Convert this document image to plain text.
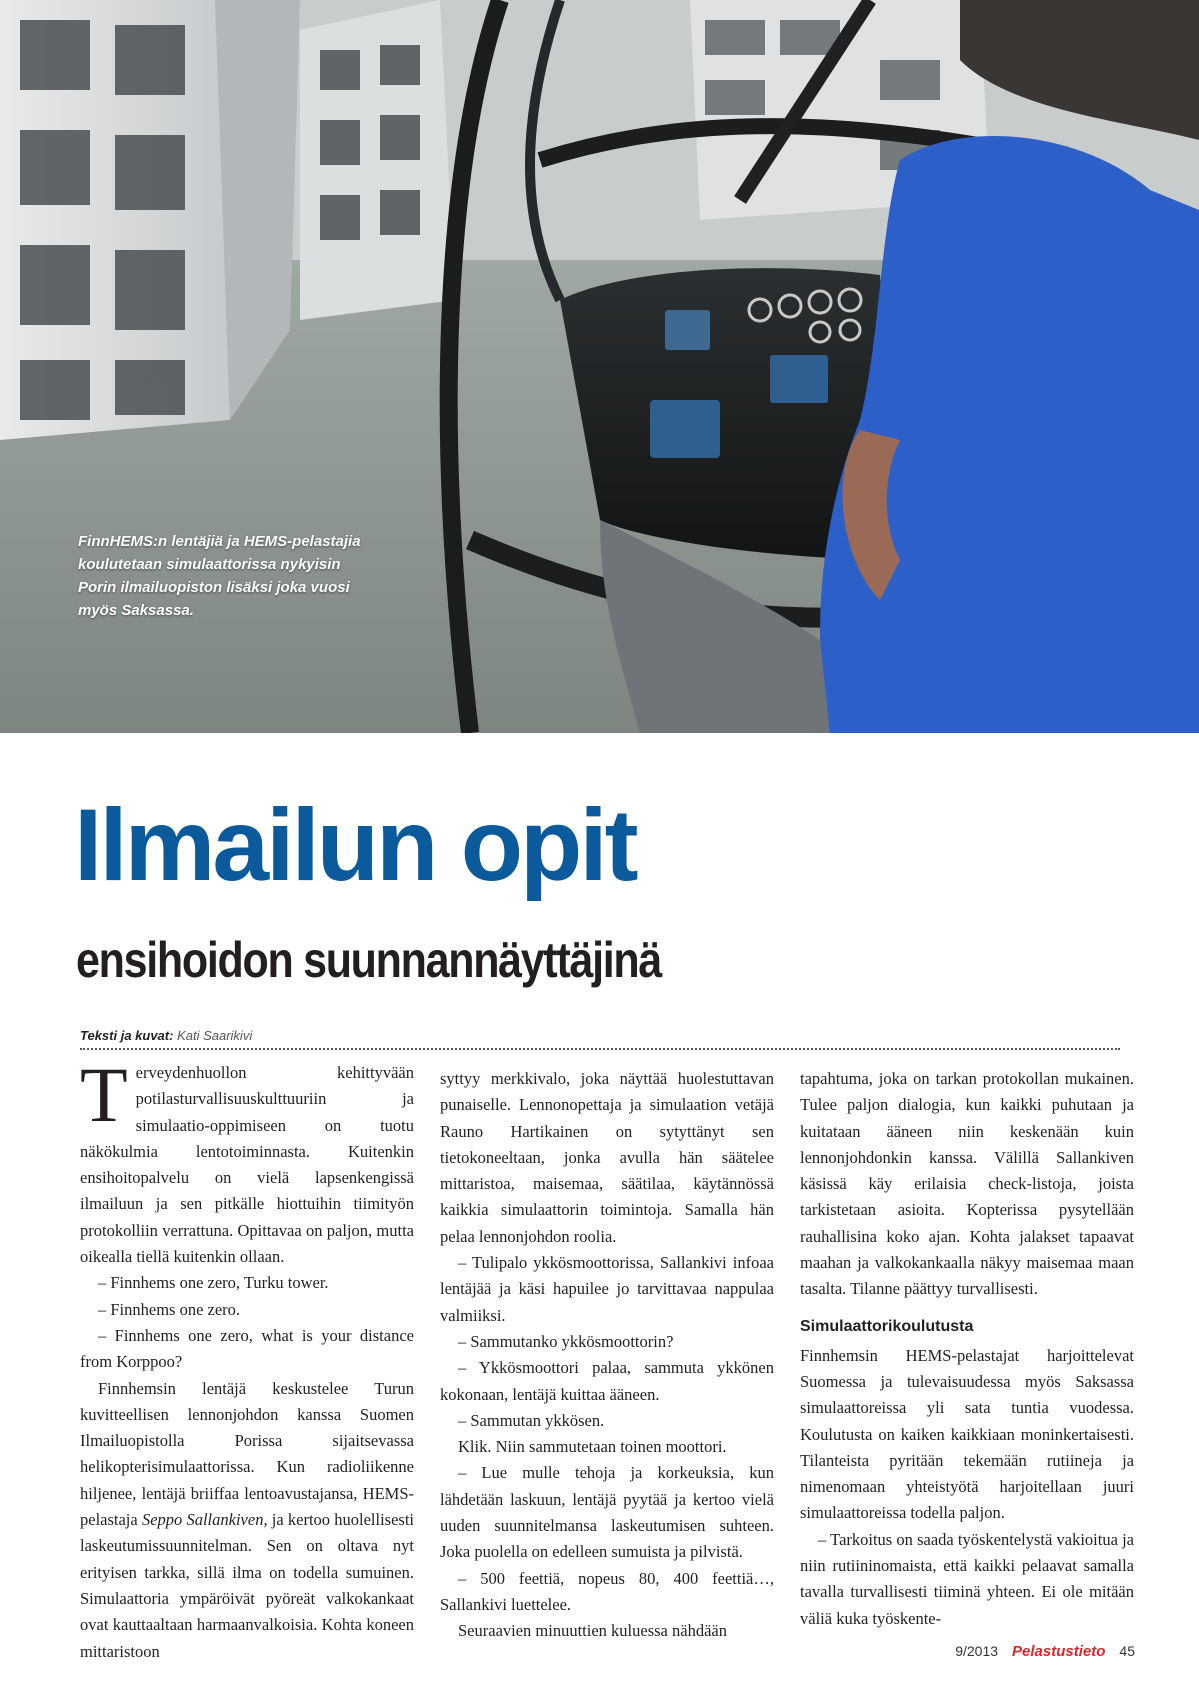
FinnHEMS:n lentäjiä ja HEMS-pelastajia koulutetaan simulaattorissa nykyisin Porin ilmailuopiston lisäksi joka vuosi myös Saksassa.
Ilmailun opit
ensihoidon suunnannäyttäjinä
Teksti ja kuvat: Kati Saarikivi

Terveydenhuollon kehittyvään potilasturvallisuuskulttuuriin ja simulaatio-oppimiseen on tuotu näkökulmia lentotoiminnasta. Kuitenkin ensihoitopalvelu on vielä lapsenkengissä ilmailuun ja sen pitkälle hiottuihin tiimityön protokolliin verrattuna. Opittavaa on paljon, mutta oikealla tiellä kuitenkin ollaan.

– Finnhems one zero, Turku tower.

– Finnhems one zero.

– Finnhems one zero, what is your distance from Korppoo?

Finnhemsin lentäjä keskustelee Turun kuvitteellisen lennonjohdon kanssa Suomen Ilmailuopistolla Porissa sijaitsevassa helikopterisimulaattorissa. Kun radioliikenne hiljenee, lentäjä briiffaa lentoavustajansa, HEMS-pelastaja Seppo Sallankiven, ja kertoo huolellisesti laskeutumissuunnitelman. Sen on oltava nyt erityisen tarkka, sillä ilma on todella sumuinen. Simulaattoria ympäröivät pyöreät valkokankaat ovat kauttaaltaan harmaanvalkoisia. Kohta koneen mittaristoon

syttyy merkkivalo, joka näyttää huolestuttavan punaiselle. Lennonopettaja ja simulaation vetäjä Rauno Hartikainen on sytyttänyt sen tietokoneeltaan, jonka avulla hän säätelee mittaristoa, maisemaa, säätilaa, käytännössä kaikkia simulaattorin toimintoja. Samalla hän pelaa lennonjohdon roolia.

– Tulipalo ykkösmoottorissa, Sallankivi infoaa lentäjää ja käsi hapuilee jo tarvittavaa nappulaa valmiiksi.

– Sammutanko ykkösmoottorin?

– Ykkösmoottori palaa, sammuta ykkönen kokonaan, lentäjä kuittaa ääneen.

– Sammutan ykkösen.

Klik. Niin sammutetaan toinen moottori.

– Lue mulle tehoja ja korkeuksia, kun lähdetään laskuun, lentäjä pyytää ja kertoo vielä uuden suunnitelmansa laskeutumisen suhteen. Joka puolella on edelleen sumuista ja pilvistä.

– 500 feettiä, nopeus 80, 400 feettiä…, Sallankivi luettelee.

Seuraavien minuuttien kuluessa nähdään

tapahtuma, joka on tarkan protokollan mukainen. Tulee paljon dialogia, kun kaikki puhutaan ja kuitataan ääneen niin keskenään kuin lennonjohdonkin kanssa. Välillä Sallankiven käsissä käy erilaisia check-listoja, joista tarkistetaan asioita. Kopterissa pysytellään rauhallisina koko ajan. Kohta jalakset tapaavat maahan ja valkokankaalla näkyy maisemaa maan tasalta. Tilanne päättyy turvallisesti.

Simulaattorikoulutusta

Finnhemsin HEMS-pelastajat harjoittelevat Suomessa ja tulevaisuudessa myös Saksassa simulaattoreissa yli sata tuntia vuodessa. Koulutusta on kaiken kaikkiaan moninkertaisesti. Tilanteista pyritään tekemään rutiineja ja nimenomaan yhteistyötä harjoitellaan juuri simulaattoreissa todella paljon.

– Tarkoitus on saada työskentelystä vakioitua ja niin rutiininomaista, että kaikki pelaavat samalla tavalla turvallisesti tiiminä yhteen. Ei ole mitään väliä kuka työskente-

9/2013 Pelastustieto 45
